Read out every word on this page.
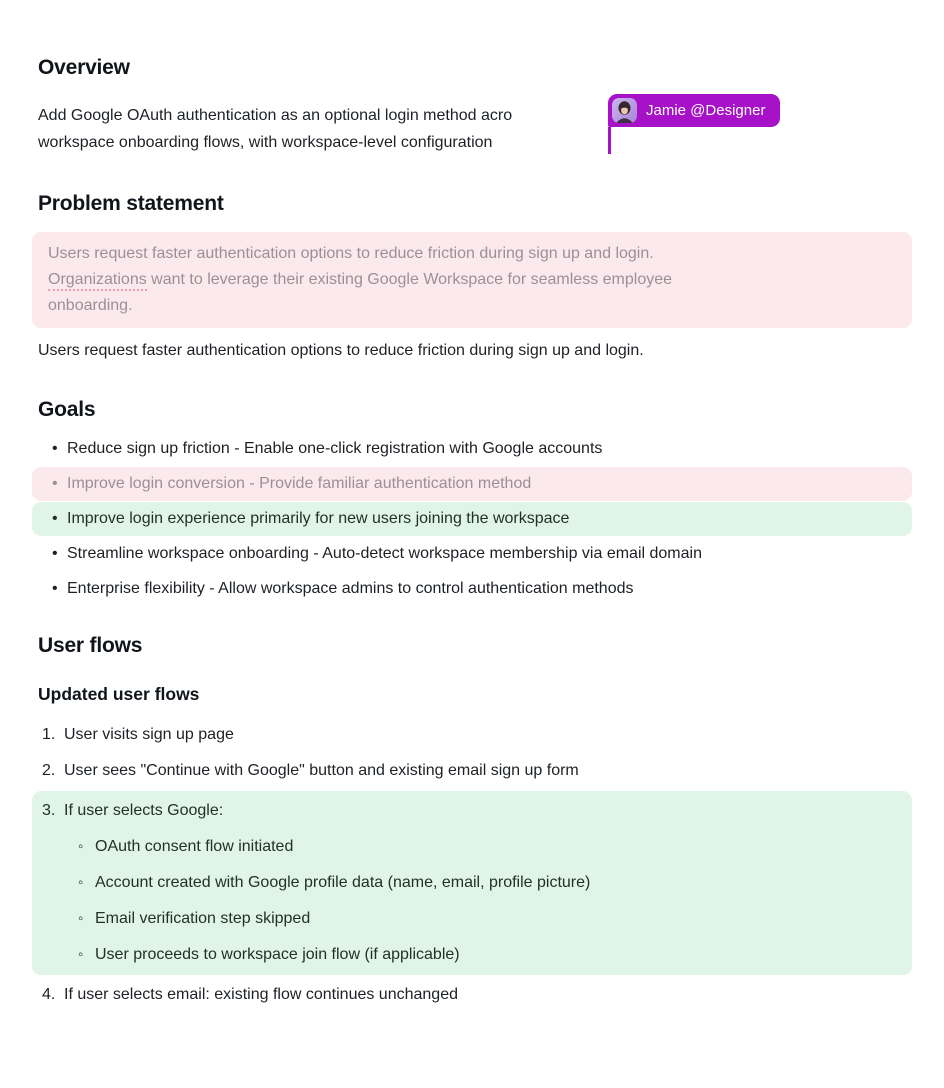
Overview
Add Google OAuth authentication as an optional login method acro
workspace onboarding flows, with workspace-level configuration
Jamie @Designer
Problem statement
Users request faster authentication options to reduce friction during sign up and login.
Organizations want to leverage their existing Google Workspace for seamless employee
onboarding.
Users request faster authentication options to reduce friction during sign up and login.
Goals
• Reduce sign up friction - Enable one-click registration with Google accounts
• Improve login conversion - Provide familiar authentication method
• Improve login experience primarily for new users joining the workspace
• Streamline workspace onboarding - Auto-detect workspace membership via email domain
• Enterprise flexibility - Allow workspace admins to control authentication methods
User flows
Updated user flows
1. User visits sign up page
2. User sees "Continue with Google" button and existing email sign up form
3. If user selects Google:
◦ OAuth consent flow initiated
◦ Account created with Google profile data (name, email, profile picture)
◦ Email verification step skipped
◦ User proceeds to workspace join flow (if applicable)
4. If user selects email: existing flow continues unchanged
